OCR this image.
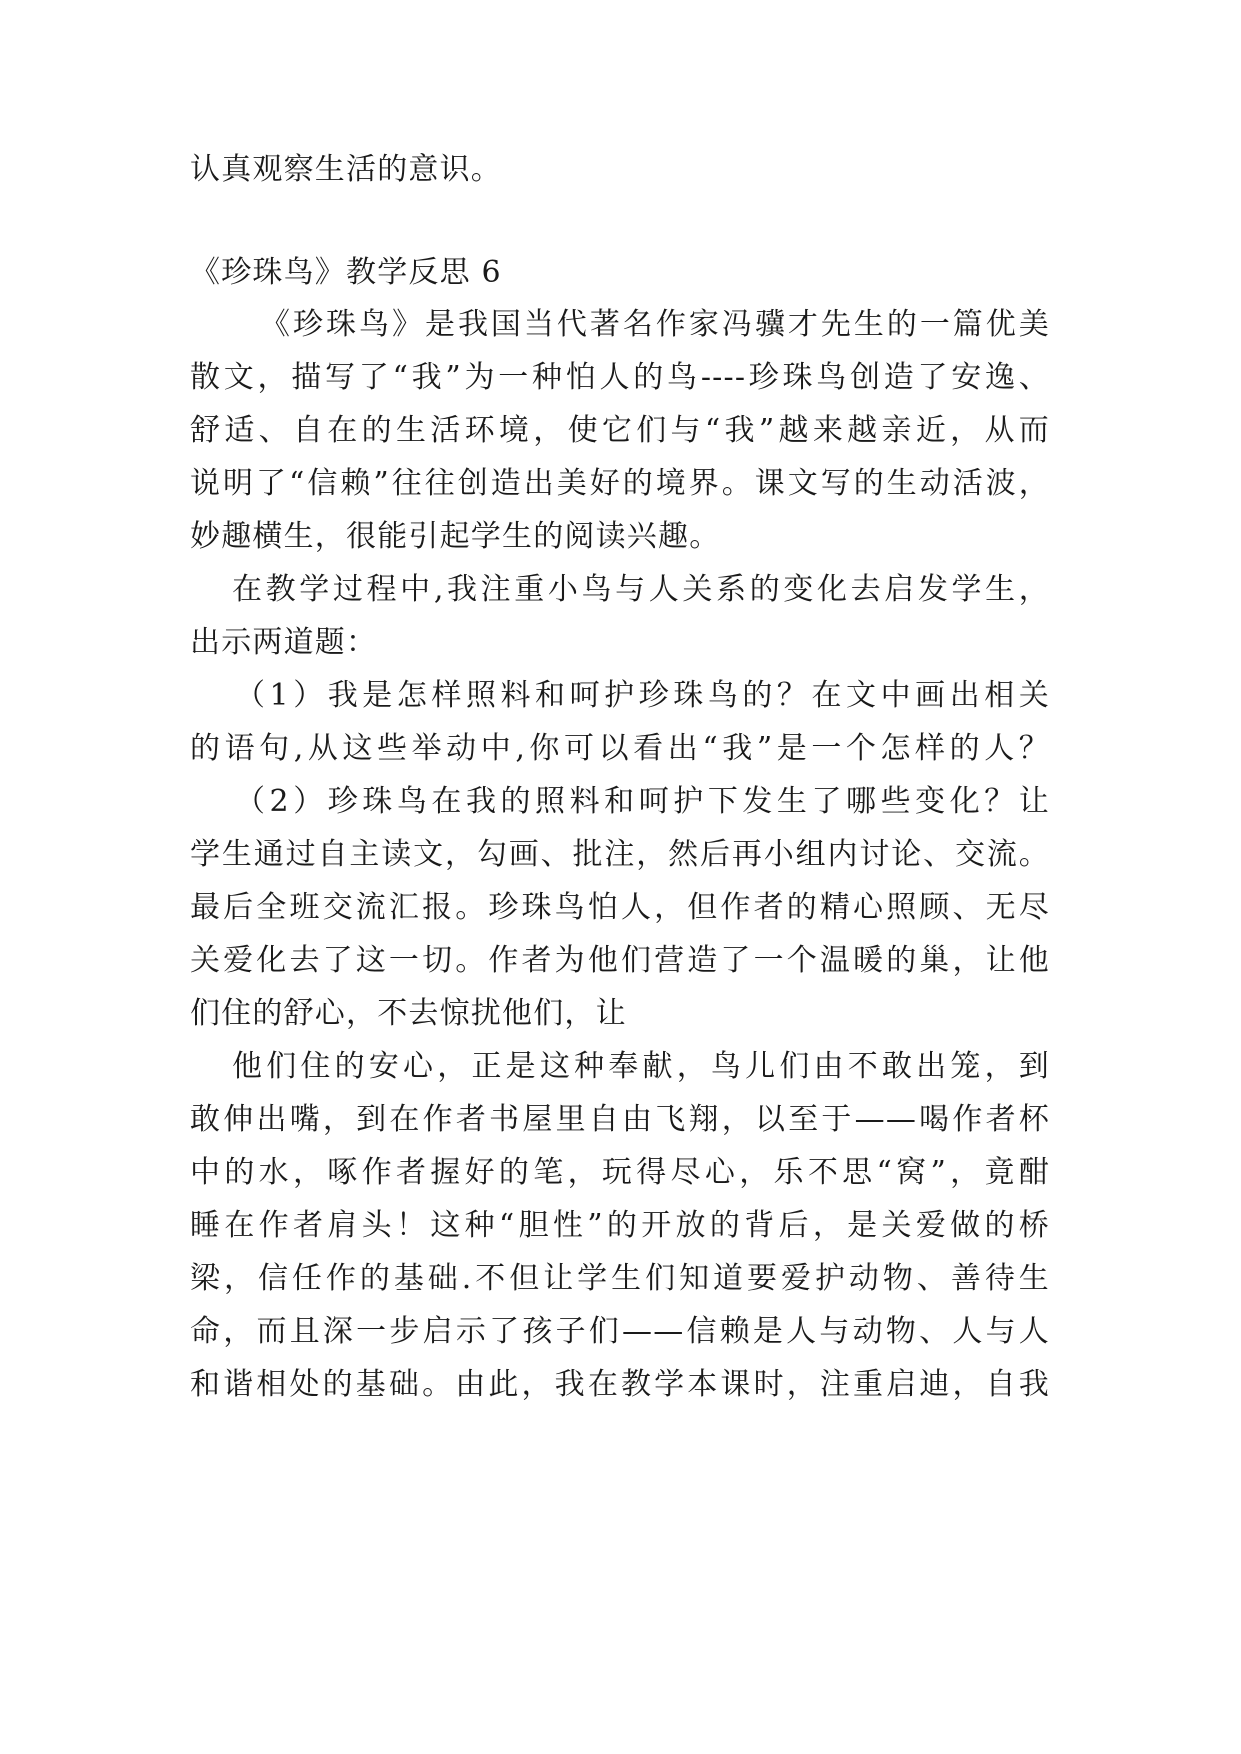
认真观察生活的意识。
《珍珠鸟》教学反思 6
《珍珠鸟》是我国当代著名作家冯骥才先生的一篇优美
散文，描写了“我”为一种怕人的鸟----珍珠鸟创造了安逸、
舒适、自在的生活环境，使它们与“我”越来越亲近，从而
说明了“信赖”往往创造出美好的境界。课文写的生动活波，
妙趣横生，很能引起学生的阅读兴趣。
在教学过程中,我注重小鸟与人关系的变化去启发学生，
出示两道题：
（1）我是怎样照料和呵护珍珠鸟的？在文中画出相关
的语句,从这些举动中,你可以看出“我”是一个怎样的人？
（2）珍珠鸟在我的照料和呵护下发生了哪些变化？让
学生通过自主读文，勾画、批注，然后再小组内讨论、交流。
最后全班交流汇报。珍珠鸟怕人，但作者的精心照顾、无尽
关爱化去了这一切。作者为他们营造了一个温暖的巢，让他
们住的舒心，不去惊扰他们，让
他们住的安心，正是这种奉献，鸟儿们由不敢出笼，到
敢伸出嘴，到在作者书屋里自由飞翔，以至于——喝作者杯
中的水，啄作者握好的笔，玩得尽心，乐不思“窝”，竟酣
睡在作者肩头！这种“胆性”的开放的背后，是关爱做的桥
梁，信任作的基础.不但让学生们知道要爱护动物、善待生
命，而且深一步启示了孩子们——信赖是人与动物、人与人
和谐相处的基础。由此，我在教学本课时，注重启迪，自我
